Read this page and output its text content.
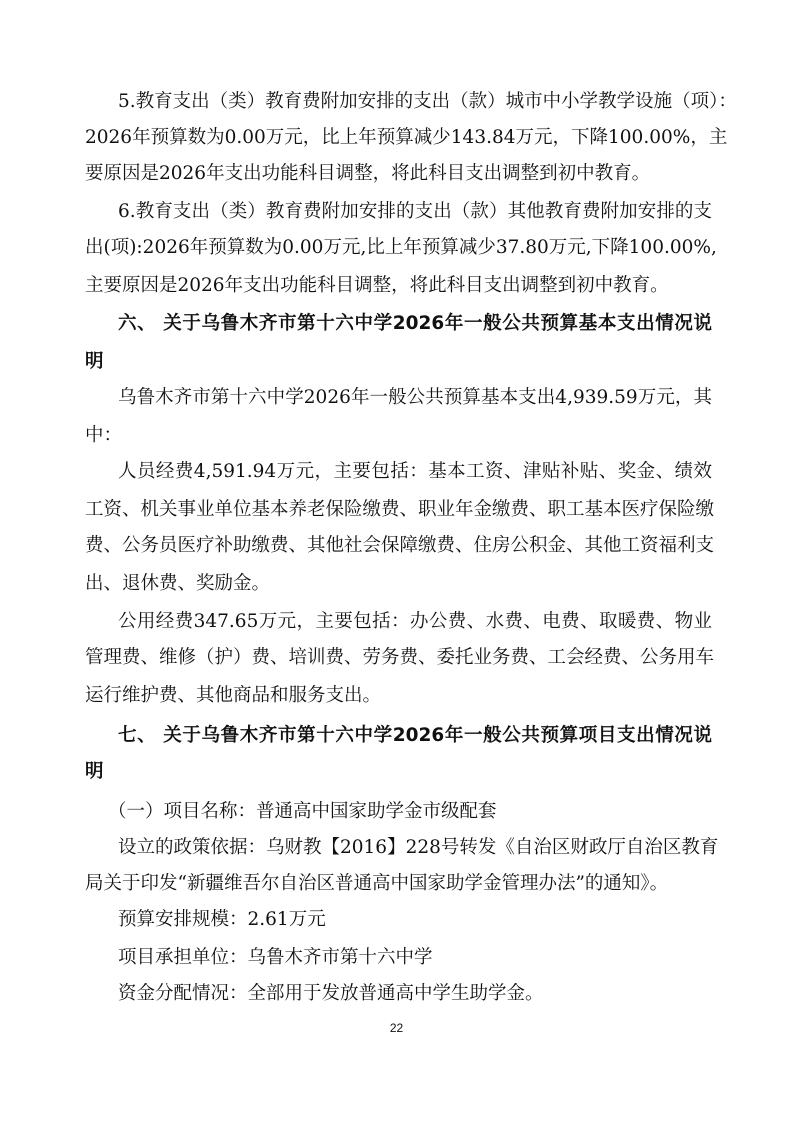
5.教育支出（类）教育费附加安排的支出（款）城市中小学教学设施（项）：
2026年预算数为0.00万元，比上年预算减少143.84万元，下降100.00%，主
要原因是2026年支出功能科目调整，将此科目支出调整到初中教育。
6.教育支出（类）教育费附加安排的支出（款）其他教育费附加安排的支
出(项):2026年预算数为0.00万元,比上年预算减少37.80万元,下降100.00%,
主要原因是2026年支出功能科目调整，将此科目支出调整到初中教育。
六、 关于乌鲁木齐市第十六中学2026年一般公共预算基本支出情况说
明
乌鲁木齐市第十六中学2026年一般公共预算基本支出4,939.59万元，其
中：
人员经费4,591.94万元，主要包括：基本工资、津贴补贴、奖金、绩效
工资、机关事业单位基本养老保险缴费、职业年金缴费、职工基本医疗保险缴
费、公务员医疗补助缴费、其他社会保障缴费、住房公积金、其他工资福利支
出、退休费、奖励金。
公用经费347.65万元，主要包括：办公费、水费、电费、取暖费、物业
管理费、维修（护）费、培训费、劳务费、委托业务费、工会经费、公务用车
运行维护费、其他商品和服务支出。
七、 关于乌鲁木齐市第十六中学2026年一般公共预算项目支出情况说
明
（一）项目名称：普通高中国家助学金市级配套
设立的政策依据：乌财教【2016】228号转发《自治区财政厅自治区教育
局关于印发“新疆维吾尔自治区普通高中国家助学金管理办法”的通知》。
预算安排规模：2.61万元
项目承担单位：乌鲁木齐市第十六中学
资金分配情况：全部用于发放普通高中学生助学金。
22
